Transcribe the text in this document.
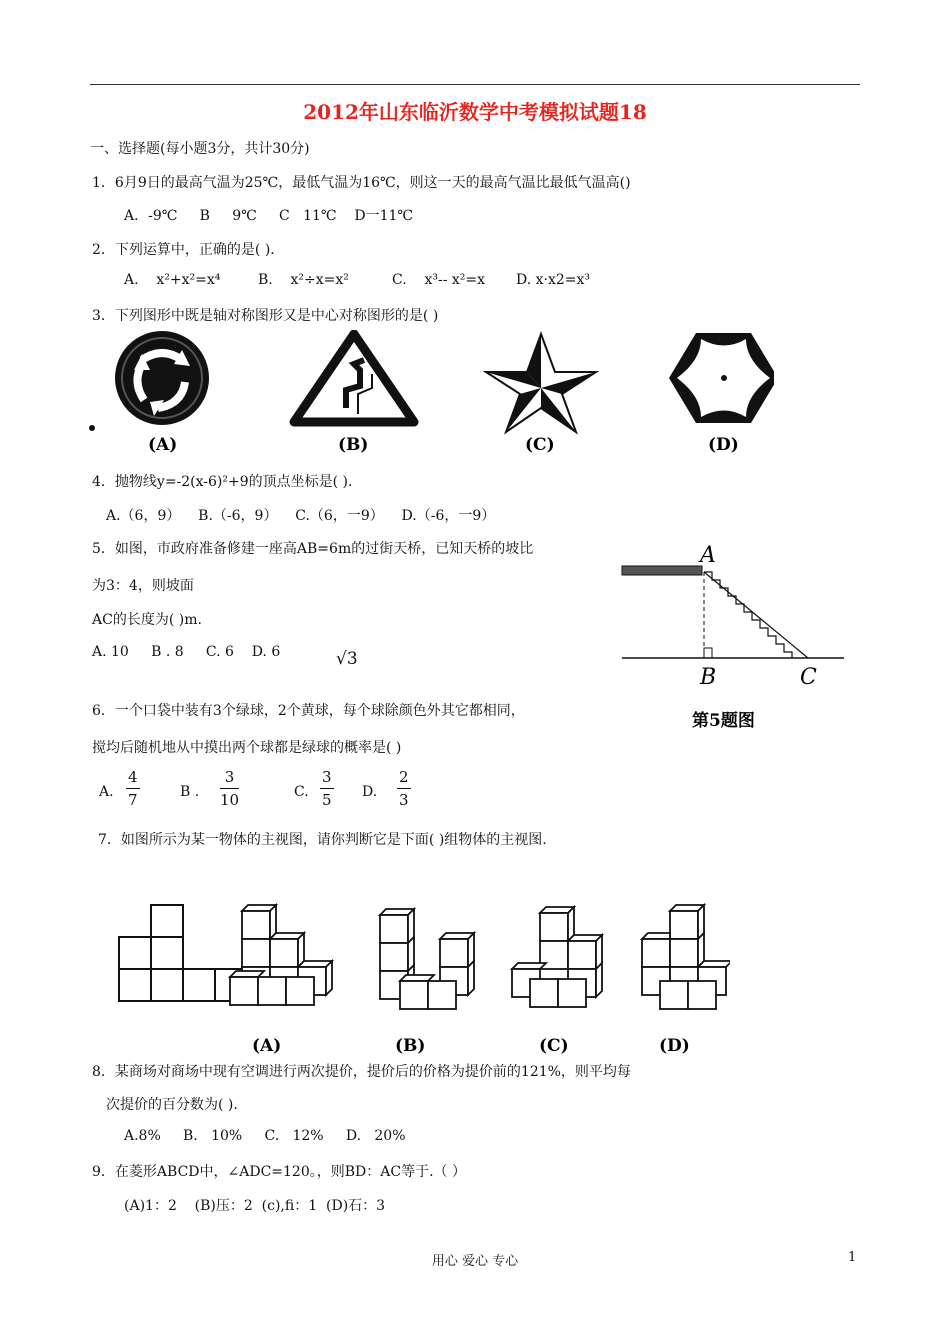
2012年山东临沂数学中考模拟试题18
一、选择题(每小题3分，共计30分)
1．6月9日的最高气温为25℃，最低气温为16℃，则这一天的最高气温比最低气温高()
A．-9℃     B     9℃     C   11℃    D一11℃
2．下列运算中，正确的是( )．
A.    x²+x²=x⁴	B.    x²÷x=x²	C.    x³-- x²=x D. x·x2=x³
3．下列图形中既是轴对称图形又是中心对称图形的是( )
(A)	(B)	(C)	(D)
4．抛物线y=-2(x-6)²+9的顶点坐标是( )．
A.（6，9）    B.（-6，9）    C.（6，一9）    D.（-6，一9）
5．如图，市政府准备修建一座高AB=6m的过街天桥，已知天桥的坡比
为3：4，则坡面
AC的长度为( )m.
A. 10     B . 8     C. 6    D. 6	√3
A
B	C
第5题图
6．一个口袋中装有3个绿球，2个黄球，每个球除颜色外其它都相同，
搅均后随机地从中摸出两个球都是绿球的概率是( )
A. $\frac{4}{7}$	B . $\frac{3}{10}$	C. $\frac{3}{5} D$. $\frac{2}{3}$
7．如图所示为某一物体的主视图，请你判断它是下面( )组物体的主视图.
(A)	(B)	(C)	(D)
8．某商场对商场中现有空调进行两次提价，提价后的价格为提价前的121%，则平均每
次提价的百分数为( ).
A.8%     B.   10%     C.   12%     D.   20%
9．在菱形ABCD中，∠ADC=120。，则BD：AC等于.（ ）
(A)1：2    (B)压：2  (c),fi：1  (D)石：3
用心 爱心 专心	1
